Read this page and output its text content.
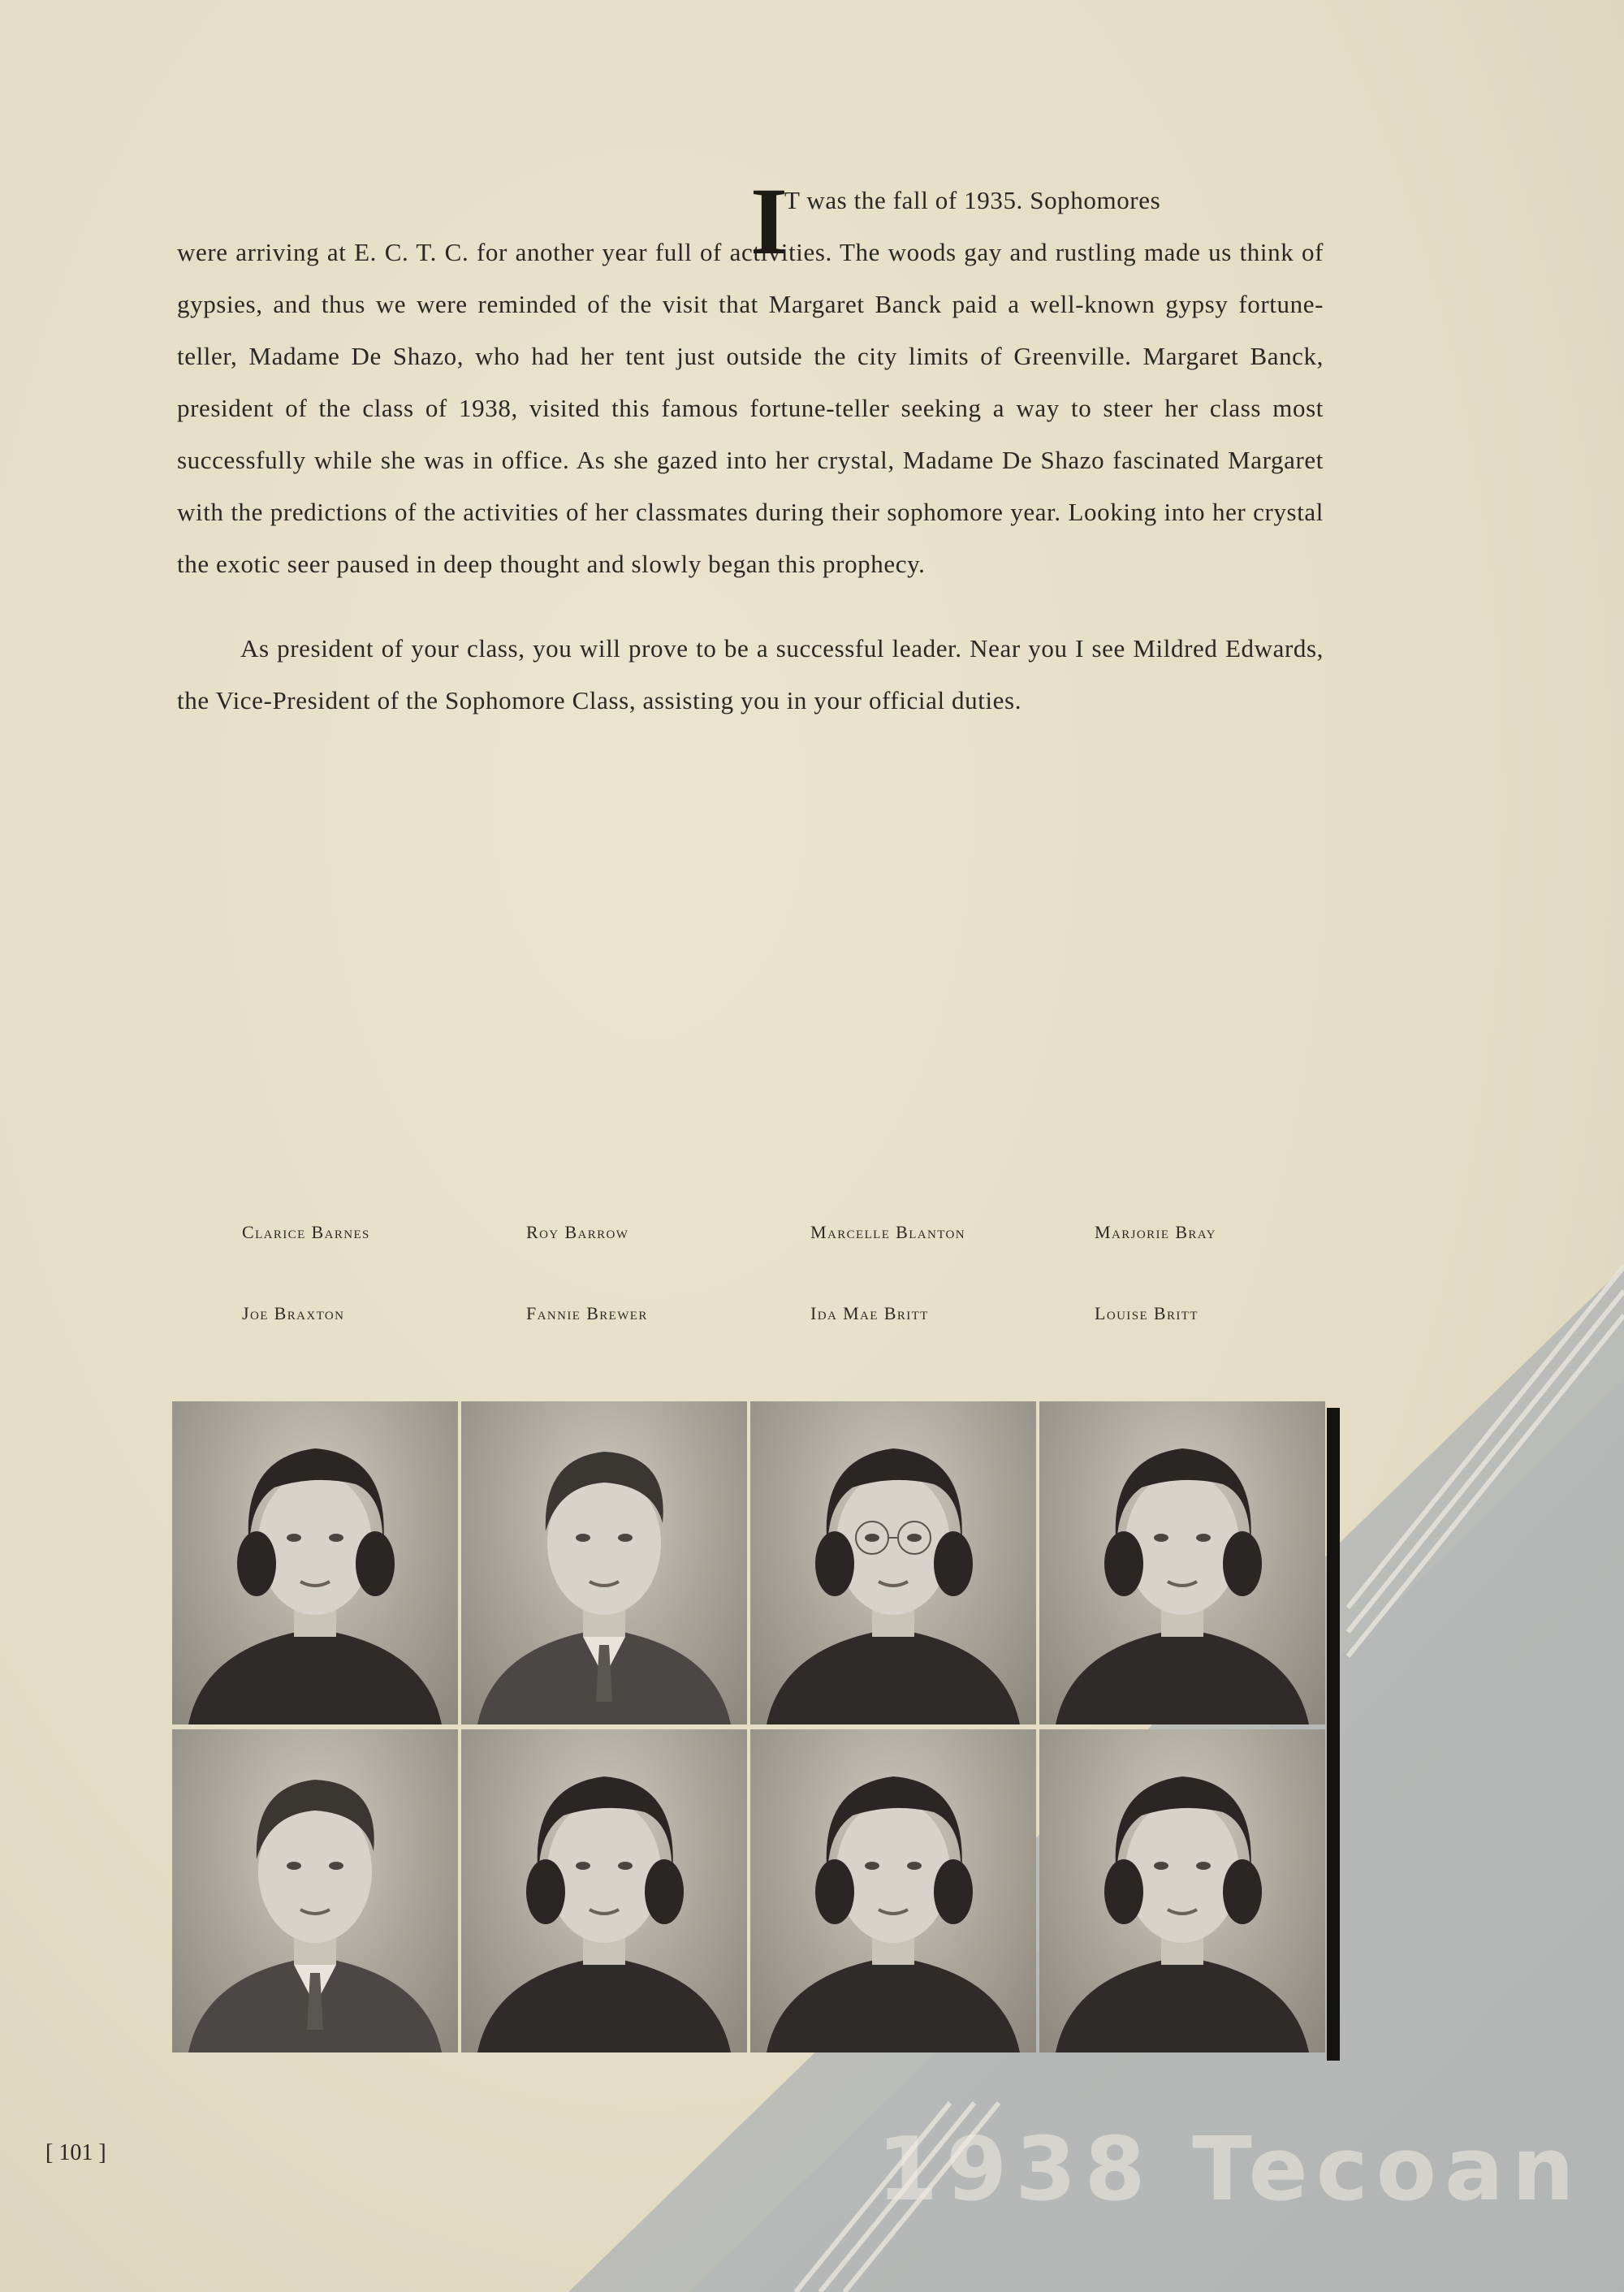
I

T was the fall of 1935. Sophomores
were arriving at E. C. T. C. for another year full of activities. The woods gay and rustling made us think of gypsies, and thus we were reminded of the visit that Margaret Banck paid a well-known gypsy fortune-teller, Madame De Shazo, who had her tent just outside the city limits of Greenville. Margaret Banck, president of the class of 1938, visited this famous fortune-teller seeking a way to steer her class most successfully while she was in office. As she gazed into her crystal, Madame De Shazo fascinated Margaret with the predictions of the activities of her classmates during their sophomore year. Looking into her crystal the exotic seer paused in deep thought and slowly began this prophecy.

As president of your class, you will prove to be a successful leader. Near you I see Mildred Edwards, the Vice-President of the Sophomore Class, assisting you in your official duties.

Clarice Barnes	Roy Barrow	Marcelle Blanton	Marjorie Bray
Joe Braxton	Fannie Brewer	Ida Mae Britt	Louise Britt
[ 101 ]	1938 Tecoan
